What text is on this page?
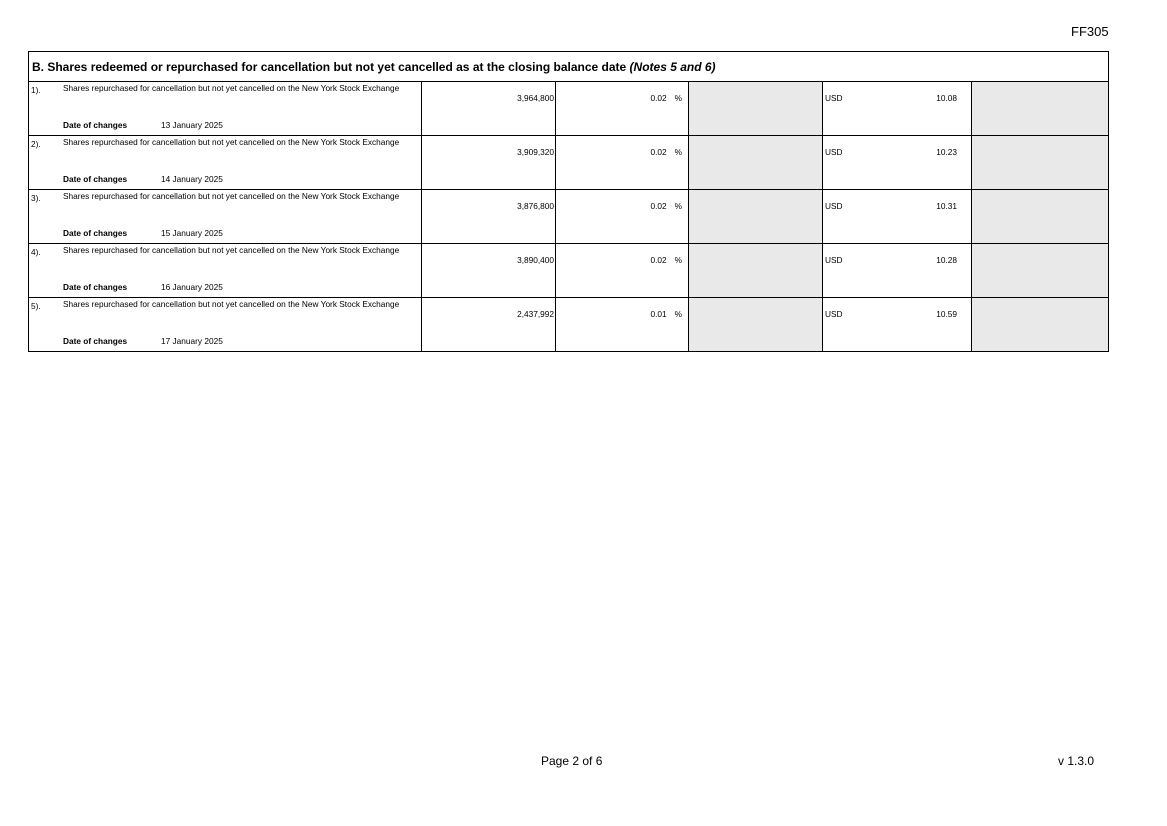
FF305
B. Shares redeemed or repurchased for cancellation but not yet cancelled as at the closing balance date (Notes 5 and 6)
1).	Shares repurchased for cancellation but not yet cancelled on the New York Stock Exchange
Date of changes	13 January 2025
3,964,800	0.02 %	USD	10.08
2).	Shares repurchased for cancellation but not yet cancelled on the New York Stock Exchange
Date of changes	14 January 2025
3,909,320	0.02 %	USD	10.23
3).	Shares repurchased for cancellation but not yet cancelled on the New York Stock Exchange
Date of changes	15 January 2025
3,876,800	0.02 %	USD	10.31
4).	Shares repurchased for cancellation but not yet cancelled on the New York Stock Exchange
Date of changes	16 January 2025
3,890,400	0.02 %	USD	10.28
5).	Shares repurchased for cancellation but not yet cancelled on the New York Stock Exchange
Date of changes	17 January 2025
2,437,992	0.01 %	USD	10.59
Page 2 of 6	v 1.3.0
